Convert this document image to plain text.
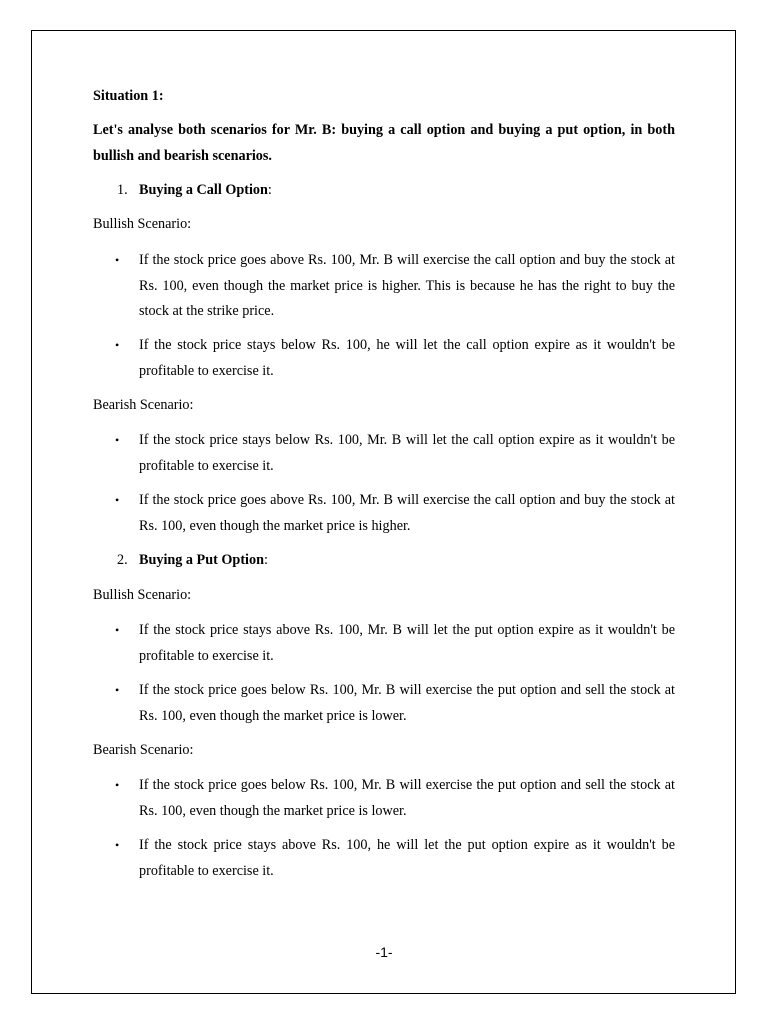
Situation 1:

Let's analyse both scenarios for Mr. B: buying a call option and buying a put option, in both bullish and bearish scenarios.

1. Buying a Call Option:

Bullish Scenario:

• If the stock price goes above Rs. 100, Mr. B will exercise the call option and buy the stock at Rs. 100, even though the market price is higher. This is because he has the right to buy the stock at the strike price.
• If the stock price stays below Rs. 100, he will let the call option expire as it wouldn't be profitable to exercise it.

Bearish Scenario:

• If the stock price stays below Rs. 100, Mr. B will let the call option expire as it wouldn't be profitable to exercise it.
• If the stock price goes above Rs. 100, Mr. B will exercise the call option and buy the stock at Rs. 100, even though the market price is higher.
2. Buying a Put Option:

Bullish Scenario:

• If the stock price stays above Rs. 100, Mr. B will let the put option expire as it wouldn't be profitable to exercise it.
• If the stock price goes below Rs. 100, Mr. B will exercise the put option and sell the stock at Rs. 100, even though the market price is lower.

Bearish Scenario:

• If the stock price goes below Rs. 100, Mr. B will exercise the put option and sell the stock at Rs. 100, even though the market price is lower.
• If the stock price stays above Rs. 100, he will let the put option expire as it wouldn't be profitable to exercise it.
-1-
